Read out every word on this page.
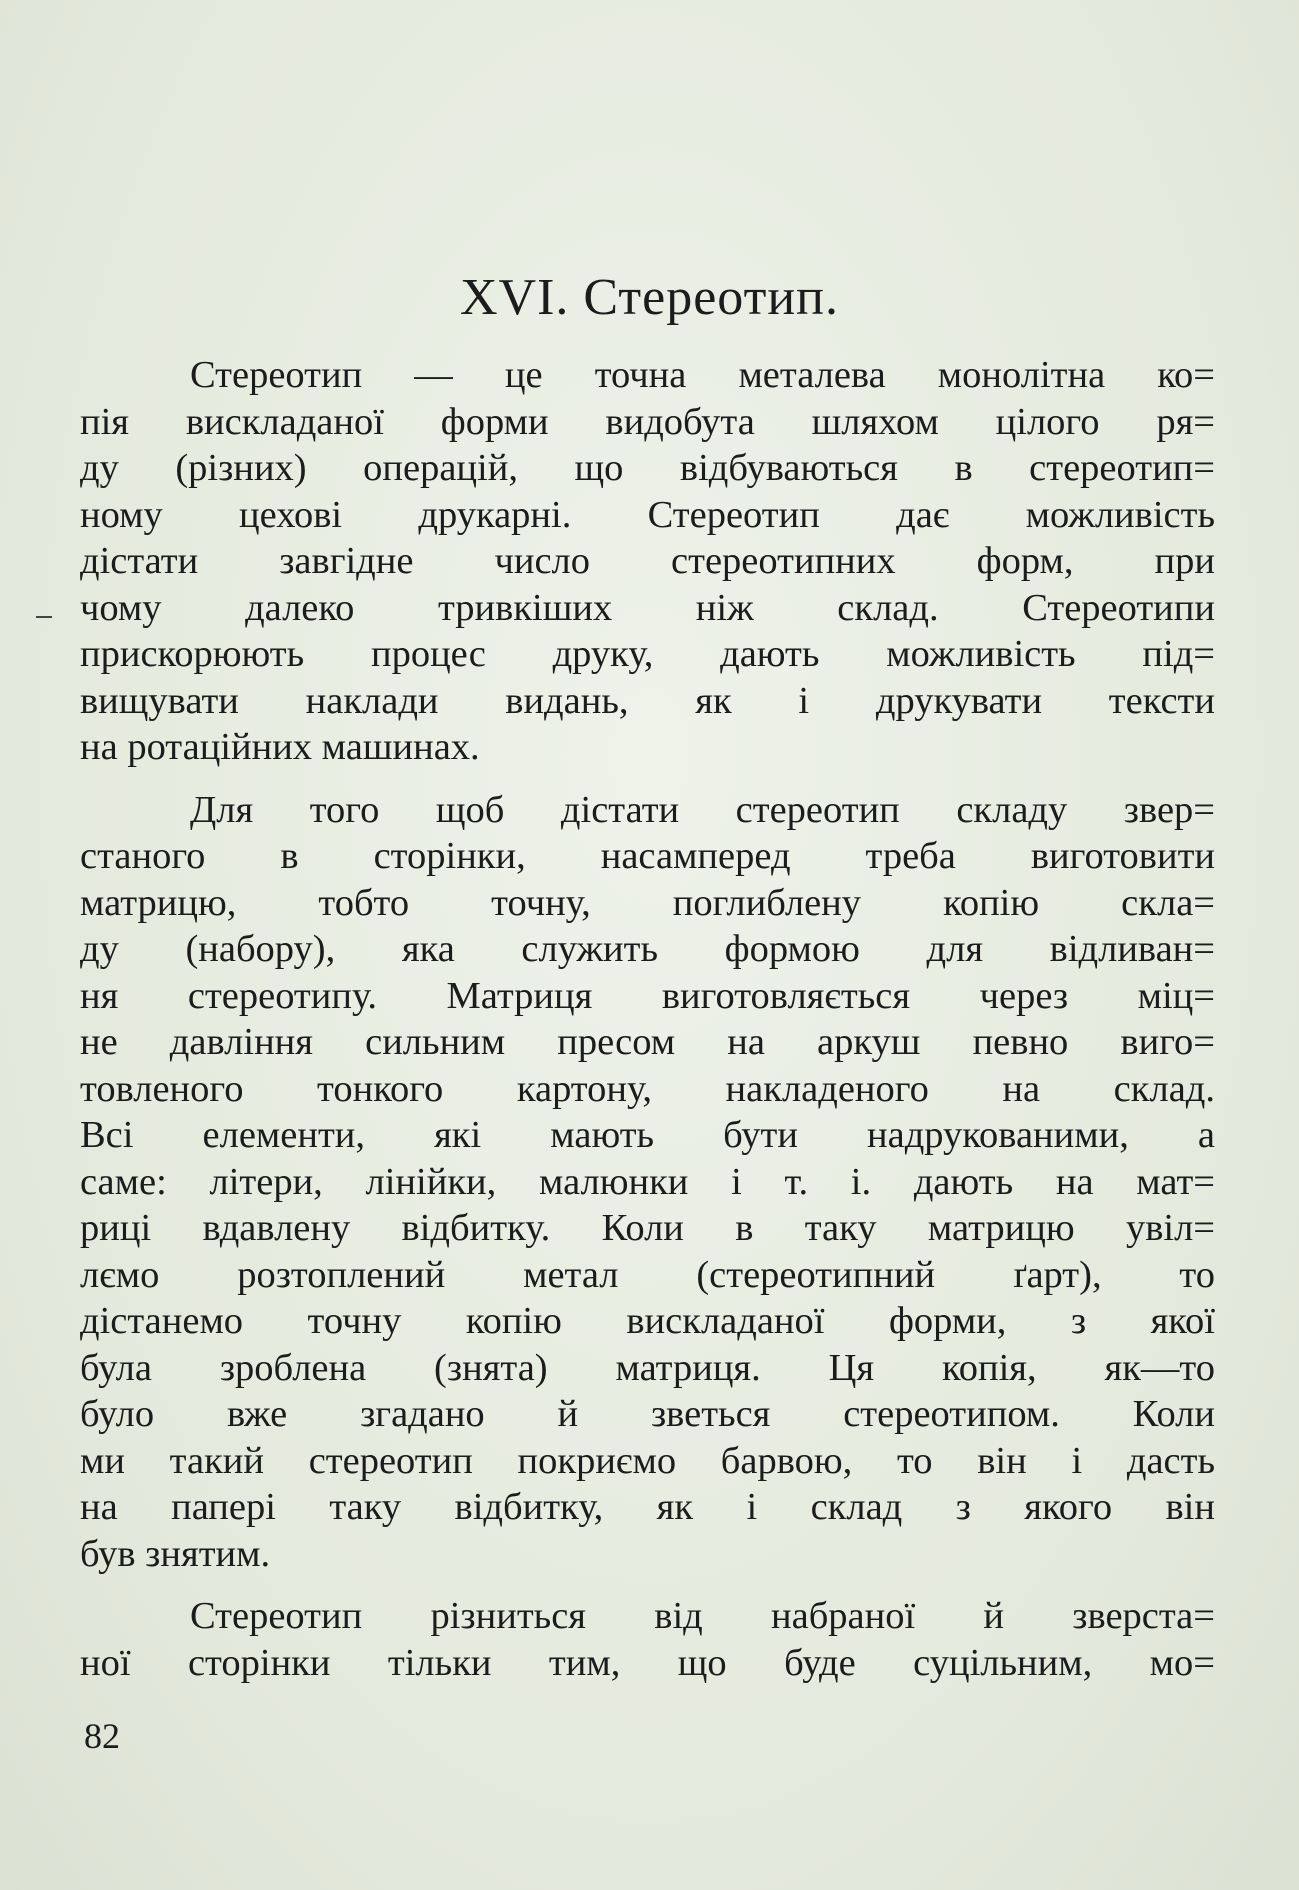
XVI. Стереотип.
Стереотип — це точна металева монолітна ко=
пія вискладаної форми видобута шляхом цілого ря=
ду (різних) операцій, що відбуваються в стереотип=
ному цехові друкарні. Стереотип дає можливість
дістати завгідне число стереотипних форм, при
чому далеко тривкіших ніж склад. Стереотипи
прискорюють процес друку, дають можливість під=
вищувати наклади видань, як і друкувати тексти
на ротаційних машинах.
Для того щоб дістати стереотип складу звер=
станого в сторінки, насамперед треба виготовити
матрицю, тобто точну, поглиблену копію скла=
ду (набору), яка служить формою для відливан=
ня стереотипу. Матриця виготовляється через міц=
не давління сильним пресом на аркуш певно виго=
товленого тонкого картону, накладеного на склад.
Всі елементи, які мають бути надрукованими, а
саме: літери, лінійки, малюнки і т. і. дають на мат=
риці вдавлену відбитку. Коли в таку матрицю увіл=
лємо розтоплений метал (стереотипний ґарт), то
дістанемо точну копію вискладаної форми, з якої
була зроблена (знята) матриця. Ця копія, як—то
було вже згадано й зветься стереотипом. Коли
ми такий стереотип покриємо барвою, то він і дасть
на папері таку відбитку, як і склад з якого він
був знятим.
Стереотип різниться від набраної й зверста=
ної сторінки тільки тим, що буде суцільним, мо=
82
